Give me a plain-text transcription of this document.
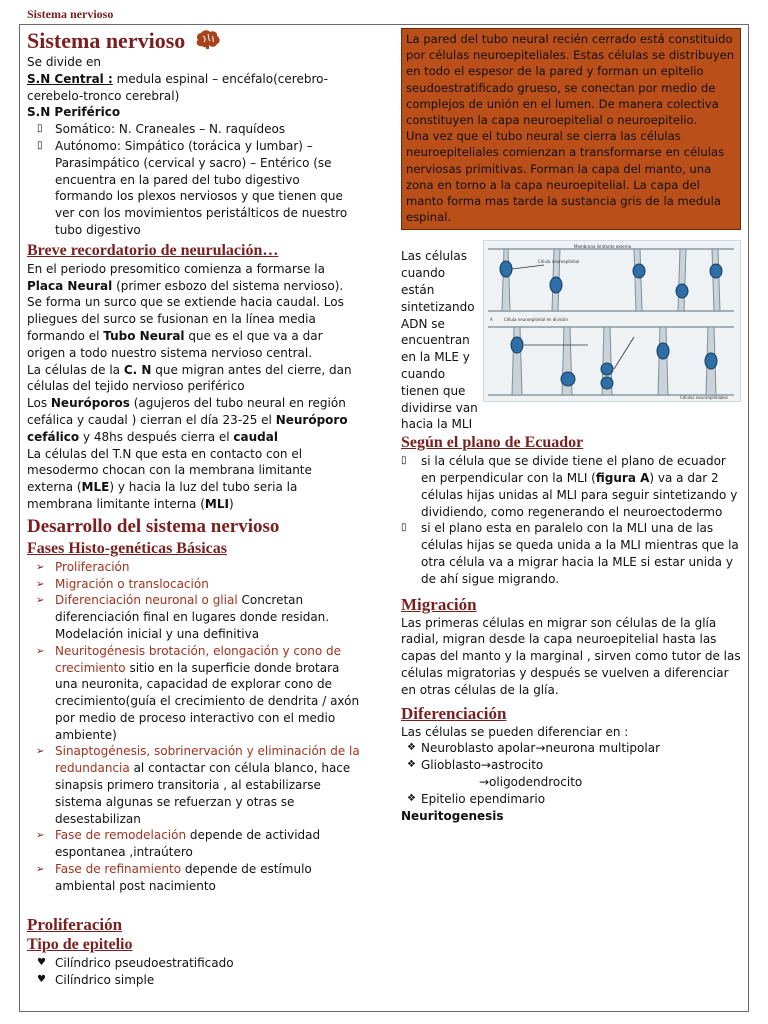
Sistema nervioso
Sistema nervioso

Se divide en

S.N Central : medula espinal – encéfalo(cerebro-cerebelo-tronco cerebral)

S.N Periférico

▯ Somático: N. Craneales – N. raquídeos
▯ Autónomo: Simpático (torácica y lumbar) – Parasimpático (cervical y sacro) – Entérico (se encuentra en la pared del tubo digestivo formando los plexos nerviosos y que tienen que ver con los movimientos peristálticos de nuestro tubo digestivo
Breve recordatorio de neurulación…

En el periodo presomitico comienza a formarse la Placa Neural (primer esbozo del sistema nervioso). Se forma un surco que se extiende hacia caudal. Los pliegues del surco se fusionan en la línea media formando el Tubo Neural que es el que va a dar origen a todo nuestro sistema nervioso central.

La células de la C. N que migran antes del cierre, dan células del tejido nervioso periférico

Los Neuróporos (agujeros del tubo neural en región cefálica y caudal ) cierran el día 23-25 el Neuróporo cefálico y 48hs después cierra el caudal

La células del T.N que esta en contacto con el mesodermo chocan con la membrana limitante externa (MLE) y hacia la luz del tubo seria la membrana limitante interna (MLI)

Desarrollo del sistema nervioso
Fases Histo-genéticas Básicas
➢ Proliferación
➢ Migración o translocación
➢ Diferenciación neuronal o glial Concretan diferenciación final en lugares donde residan. Modelación inicial y una definitiva
➢ Neuritogénesis brotación, elongación y cono de crecimiento sitio en la superficie donde brotara una neuronita, capacidad de explorar cono de crecimiento(guía el crecimiento de dendrita / axón por medio de proceso interactivo con el medio ambiente)
➢ Sinaptogénesis, sobrinervación y eliminación de la redundancia al contactar con célula blanco, hace sinapsis primero transitoria , al estabilizarse sistema algunas se refuerzan y otras se desestabilizan
➢ Fase de remodelación depende de actividad espontanea ,intraútero
➢ Fase de refinamiento depende de estímulo ambiental post nacimiento
Proliferación
Tipo de epitelio
♥ Cilíndrico pseudoestratificado
♥ Cilíndrico simple

La pared del tubo neural recién cerrado está constituido por células neuroepiteliales. Estas células se distribuyen en todo el espesor de la pared y forman un epitelio seudoestratificado grueso, se conectan por medio de complejos de unión en el lumen. De manera colectiva constituyen la capa neuroepitelial o neuroepitelio.

Una vez que el tubo neural se cierra las células neuroepiteliales comienzan a transformarse en células nerviosas primitivas. Forman la capa del manto, una zona en torno a la capa neuroepitelial. La capa del manto forma mas tarde la sustancia gris de la medula espinal.

Las células cuando están sintetizando ADN se encuentran en la MLE y cuando tienen que dividirse van hacia la MLI
Membrana limitante externa
Célula neuroepitelial
Célula neuroepitelial en división
A
Células neuroepiteliales
Según el plano de Ecuador
▯ si la célula que se divide tiene el plano de ecuador en perpendicular con la MLI (figura A) va a dar 2 células hijas unidas al MLI para seguir sintetizando y dividiendo, como regenerando el neuroectodermo
▯ si el plano esta en paralelo con la MLI una de las células hijas se queda unida a la MLI mientras que la otra célula va a migrar hacia la MLE si estar unida y de ahí sigue migrando.
Migración

Las primeras células en migrar son células de la glía radial, migran desde la capa neuroepitelial hasta las capas del manto y la marginal , sirven como tutor de las células migratorias y después se vuelven a diferenciar en otras células de la glía.

Diferenciación

Las células se pueden diferenciar en :

❖ Neuroblasto apolar→neurona multipolar
❖ Glioblasto→astrocito
→oligodendrocito
❖ Epitelio ependimario

Neuritogenesis
